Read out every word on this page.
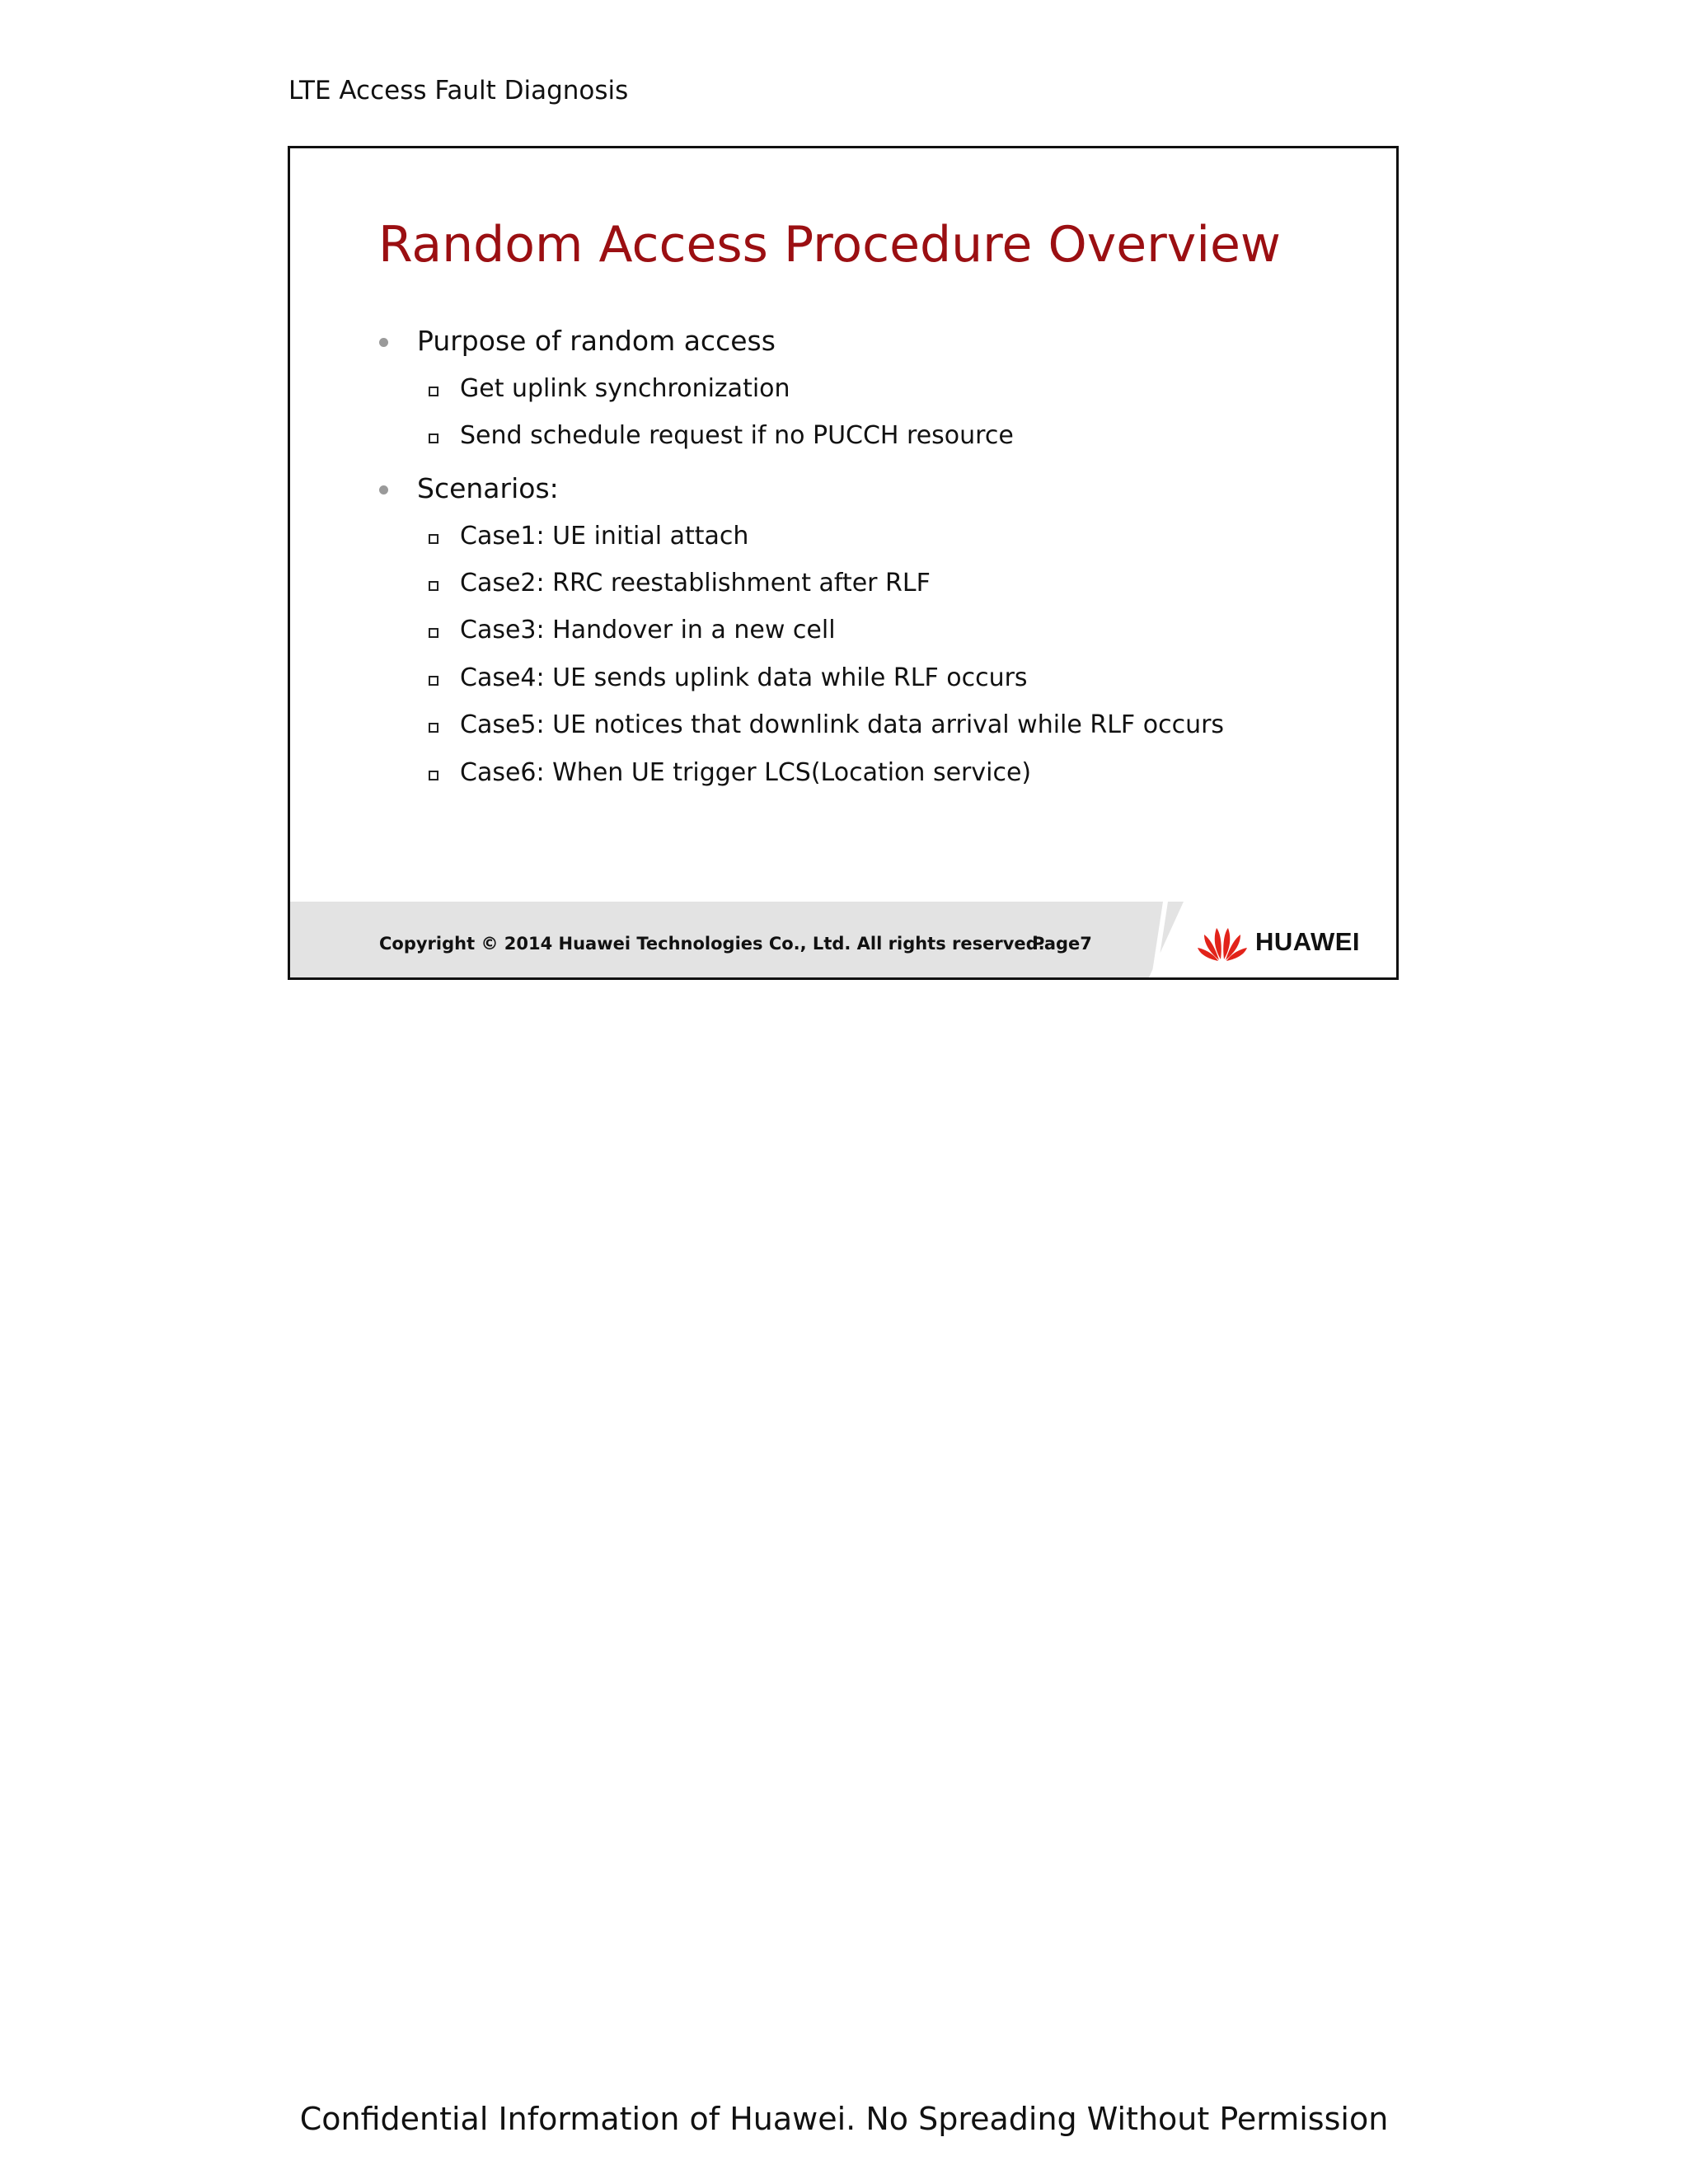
LTE Access Fault Diagnosis
Random Access Procedure Overview
Purpose of random access
Get uplink synchronization
Send schedule request if no PUCCH resource
Scenarios:
Case1: UE initial attach
Case2: RRC reestablishment after RLF
Case3: Handover in a new cell
Case4: UE sends uplink data while RLF occurs
Case5: UE notices that downlink data arrival while RLF occurs
Case6: When UE trigger LCS(Location service)
Copyright © 2014 Huawei Technologies Co., Ltd. All rights reserved.
Page7	HUAWEI
Confidential Information of Huawei. No Spreading Without Permission
